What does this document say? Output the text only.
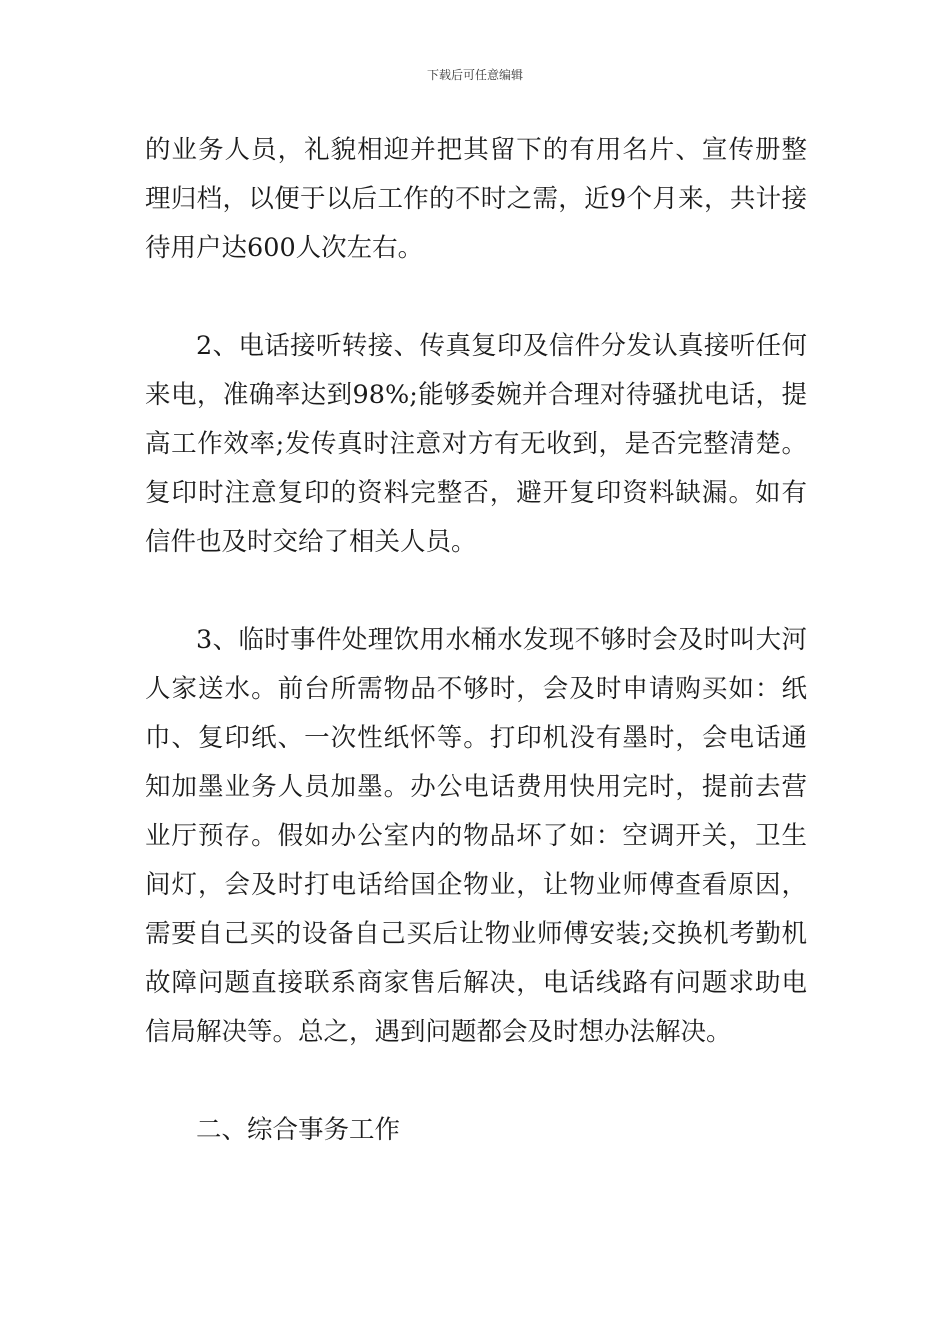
下载后可任意编辑

的业务人员，礼貌相迎并把其留下的有用名片、宣传册整理归档，以便于以后工作的不时之需，近9个月来，共计接待用户达600人次左右。

2、电话接听转接、传真复印及信件分发认真接听任何来电，准确率达到98%;能够委婉并合理对待骚扰电话，提高工作效率;发传真时注意对方有无收到，是否完整清楚。复印时注意复印的资料完整否，避开复印资料缺漏。如有信件也及时交给了相关人员。

3、临时事件处理饮用水桶水发现不够时会及时叫大河人家送水。前台所需物品不够时，会及时申请购买如：纸巾、复印纸、一次性纸怀等。打印机没有墨时，会电话通知加墨业务人员加墨。办公电话费用快用完时，提前去营业厅预存。假如办公室内的物品坏了如：空调开关，卫生间灯，会及时打电话给国企物业，让物业师傅查看原因，需要自己买的设备自己买后让物业师傅安装;交换机考勤机故障问题直接联系商家售后解决，电话线路有问题求助电信局解决等。总之，遇到问题都会及时想办法解决。

二、综合事务工作
